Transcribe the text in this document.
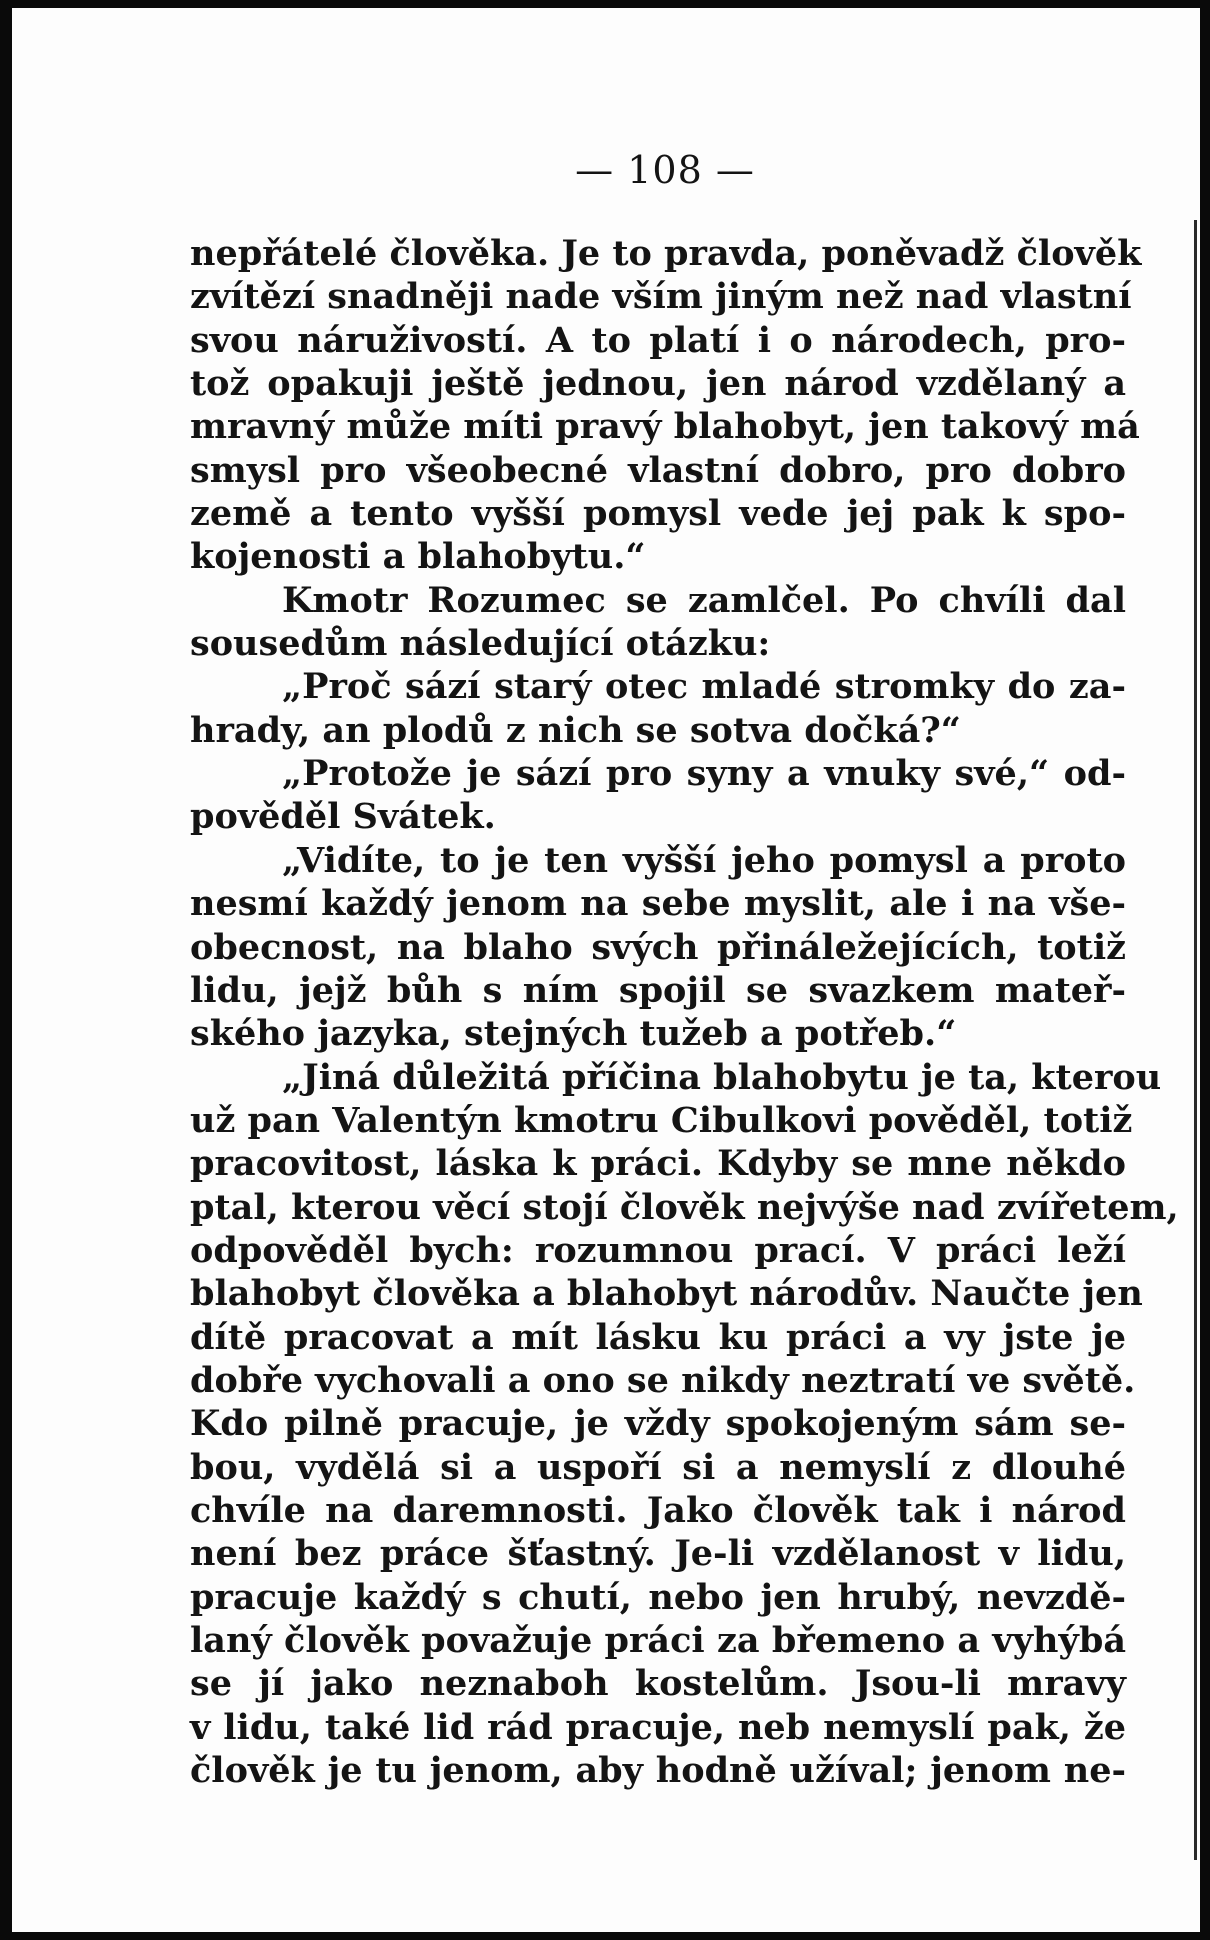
— 108 —
nepřátelé člověka. Je to pravda, poněvadž člověk
zvítězí snadněji nade vším jiným než nad vlastní
svou náruživostí. A to platí i o národech, pro-
tož opakuji ještě jednou, jen národ vzdělaný a
mravný může míti pravý blahobyt, jen takový má
smysl pro všeobecné vlastní dobro, pro dobro
země a tento vyšší pomysl vede jej pak k spo-
kojenosti a blahobytu.“
Kmotr Rozumec se zamlčel. Po chvíli dal
sousedům následující otázku:
„Proč sází starý otec mladé stromky do za-
hrady, an plodů z nich se sotva dočká?“
„Protože je sází pro syny a vnuky své,“ od-
pověděl Svátek.
„Vidíte, to je ten vyšší jeho pomysl a proto
nesmí každý jenom na sebe myslit, ale i na vše-
obecnost, na blaho svých přináležejících, totiž
lidu, jejž bůh s ním spojil se svazkem mateř-
ského jazyka, stejných tužeb a potřeb.“
„Jiná důležitá příčina blahobytu je ta, kterou
už pan Valentýn kmotru Cibulkovi pověděl, totiž
pracovitost, láska k práci. Kdyby se mne někdo
ptal, kterou věcí stojí člověk nejvýše nad zvířetem,
odpověděl bych: rozumnou prací. V práci leží
blahobyt člověka a blahobyt národův. Naučte jen
dítě pracovat a mít lásku ku práci a vy jste je
dobře vychovali a ono se nikdy neztratí ve světě.
Kdo pilně pracuje, je vždy spokojeným sám se-
bou, vydělá si a uspoří si a nemyslí z dlouhé
chvíle na daremnosti. Jako člověk tak i národ
není bez práce šťastný. Je-li vzdělanost v lidu,
pracuje každý s chutí, nebo jen hrubý, nevzdě-
laný člověk považuje práci za břemeno a vyhýbá
se jí jako neznaboh kostelům. Jsou-li mravy
v lidu, také lid rád pracuje, neb nemyslí pak, že
člověk je tu jenom, aby hodně užíval; jenom ne-
